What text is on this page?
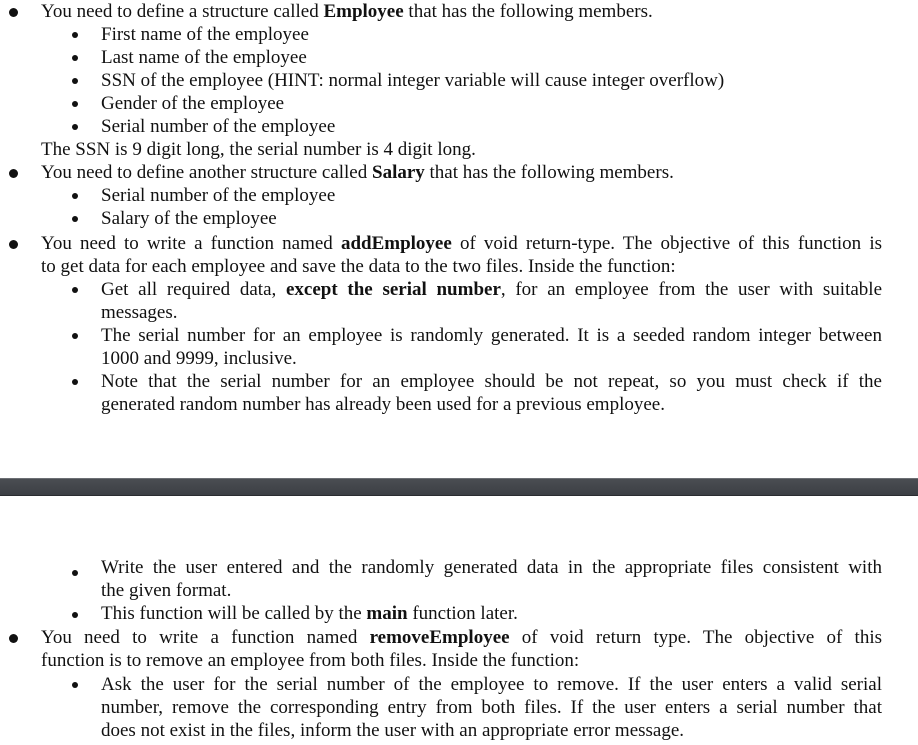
You need to define a structure called Employee that has the following members.
First name of the employee
Last name of the employee
SSN of the employee (HINT: normal integer variable will cause integer overflow)
Gender of the employee
Serial number of the employee
The SSN is 9 digit long, the serial number is 4 digit long.
You need to define another structure called Salary that has the following members.
Serial number of the employee
Salary of the employee
You need to write a function named addEmployee of void return-type. The objective of this function is
to get data for each employee and save the data to the two files. Inside the function:
Get all required data, except the serial number, for an employee from the user with suitable
messages.
The serial number for an employee is randomly generated. It is a seeded random integer between
1000 and 9999, inclusive.
Note that the serial number for an employee should be not repeat, so you must check if the
generated random number has already been used for a previous employee.
Write the user entered and the randomly generated data in the appropriate files consistent with
the given format.
This function will be called by the main function later.
You need to write a function named removeEmployee of void return type. The objective of this
function is to remove an employee from both files. Inside the function:
Ask the user for the serial number of the employee to remove. If the user enters a valid serial
number, remove the corresponding entry from both files. If the user enters a serial number that
does not exist in the files, inform the user with an appropriate error message.
